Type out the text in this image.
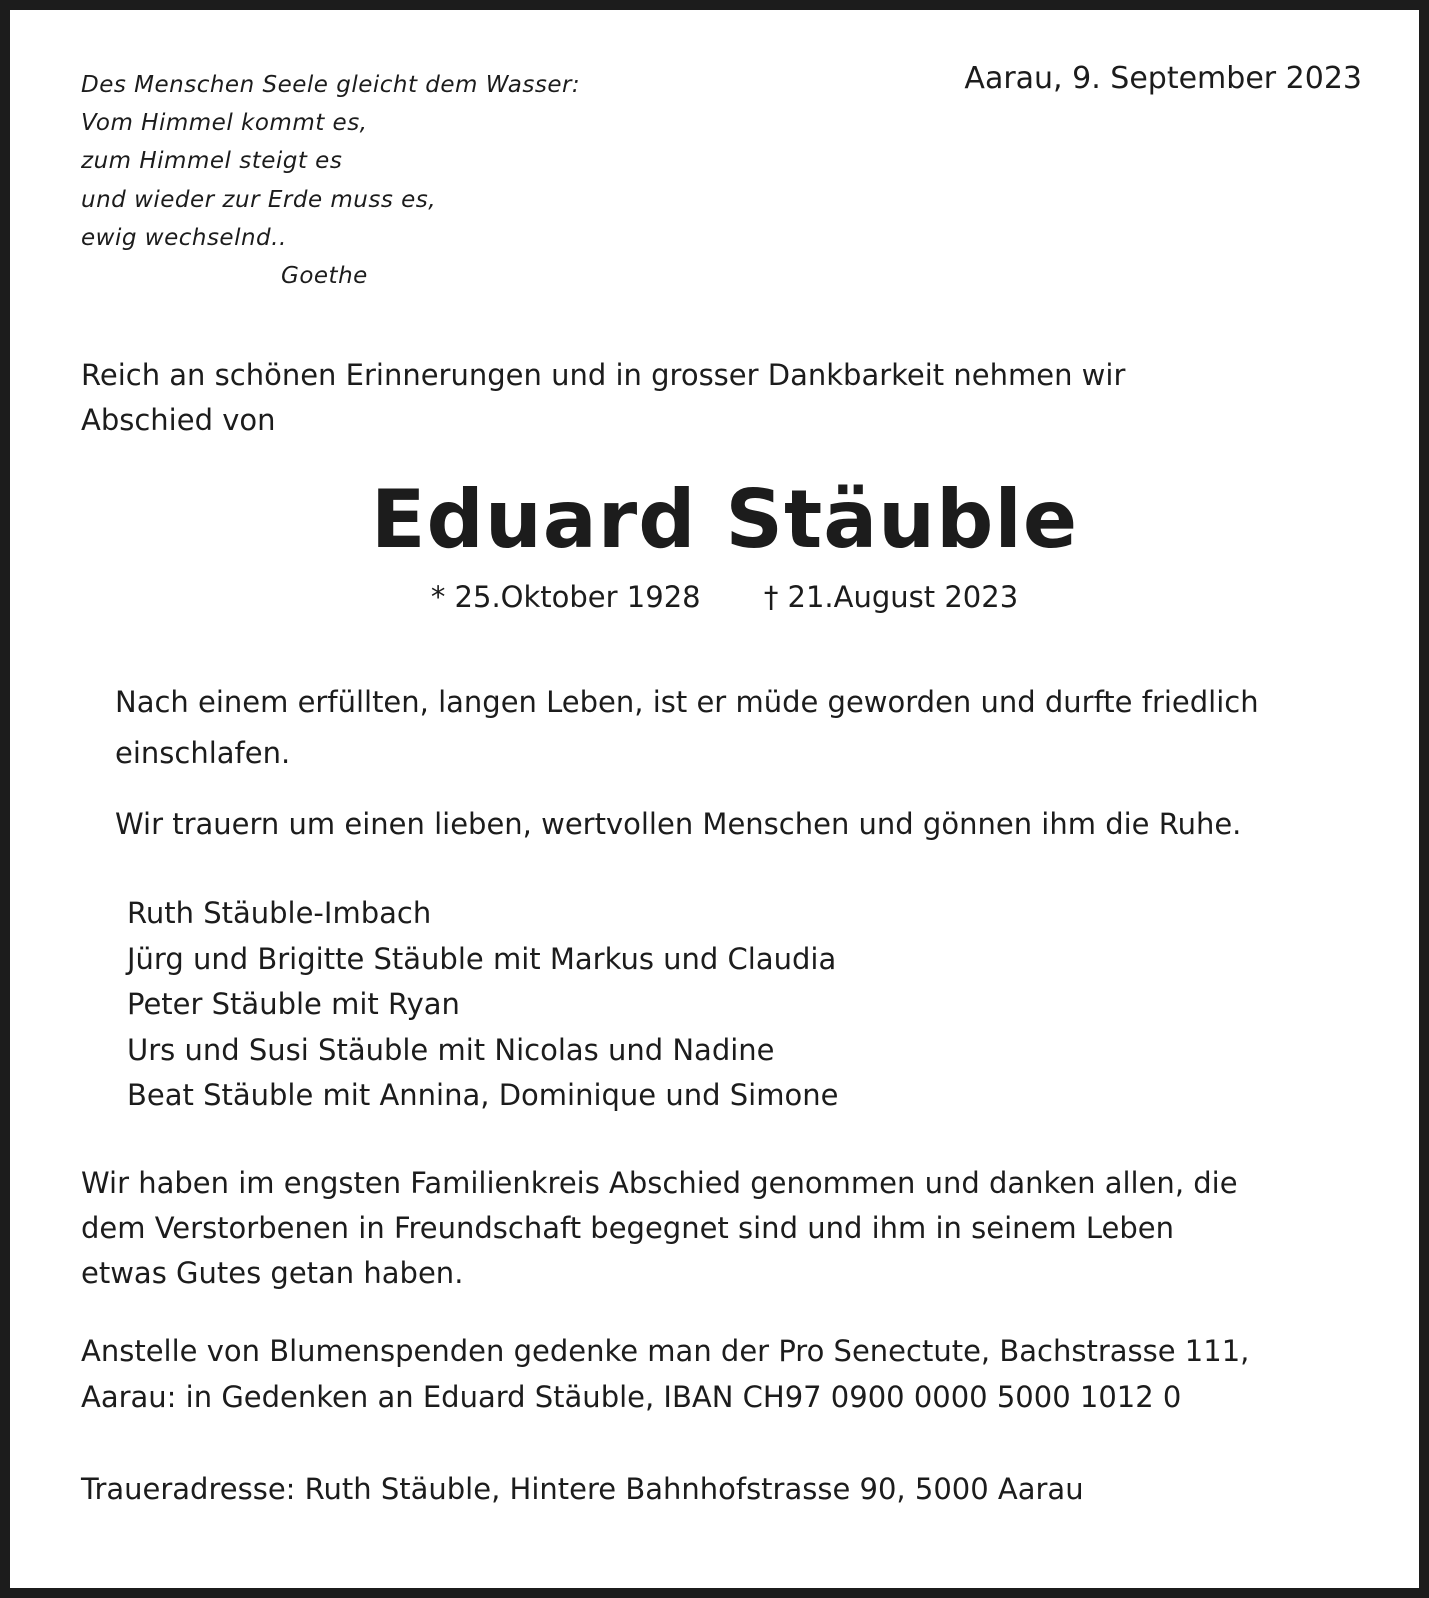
Des Menschen Seele gleicht dem Wasser:
Vom Himmel kommt es,
zum Himmel steigt es
und wieder zur Erde muss es,
ewig wechselnd..
Goethe

Aarau, 9. September 2023

Reich an schönen Erinnerungen und in grosser Dankbarkeit nehmen wir
Abschied von

Eduard Stäuble

* 25.Oktober 1928 † 21.August 2023

Nach einem erfüllten, langen Leben, ist er müde geworden und durfte friedlich
einschlafen.

Wir trauern um einen lieben, wertvollen Menschen und gönnen ihm die Ruhe.

Ruth Stäuble-Imbach
Jürg und Brigitte Stäuble mit Markus und Claudia
Peter Stäuble mit Ryan
Urs und Susi Stäuble mit Nicolas und Nadine
Beat Stäuble mit Annina, Dominique und Simone

Wir haben im engsten Familienkreis Abschied genommen und danken allen, die
dem Verstorbenen in Freundschaft begegnet sind und ihm in seinem Leben
etwas Gutes getan haben.

Anstelle von Blumenspenden gedenke man der Pro Senectute, Bachstrasse 111,
Aarau: in Gedenken an Eduard Stäuble, IBAN CH97 0900 0000 5000 1012 0

Traueradresse: Ruth Stäuble, Hintere Bahnhofstrasse 90, 5000 Aarau
